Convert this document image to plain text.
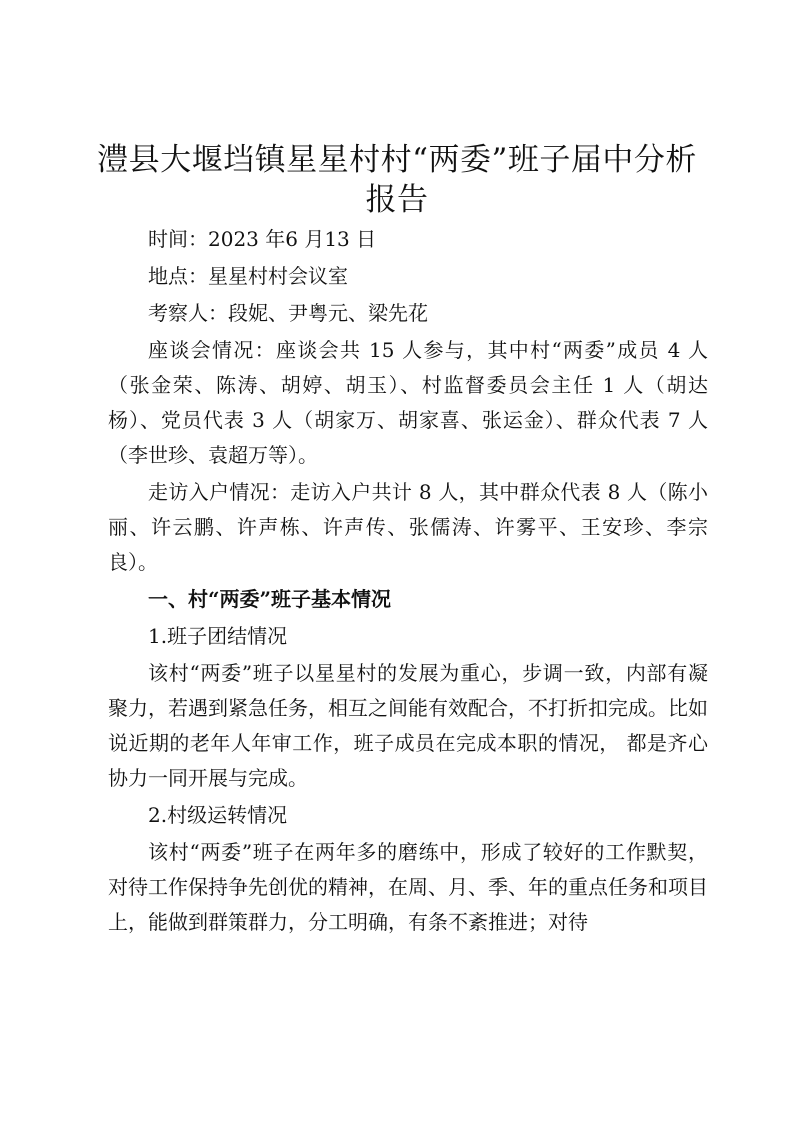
澧县大堰垱镇星星村村“两委”班子届中分析报告

时间：2023 年6 月13 日

地点：星星村村会议室

考察人：段妮、尹粤元、梁先花

座谈会情况：座谈会共 15 人参与，其中村“两委”成员 4 人（张金荣、陈涛、胡婷、胡玉）、村监督委员会主任 1 人（胡达杨）、党员代表 3 人（胡家万、胡家喜、张运金）、群众代表 7 人（李世珍、袁超万等）。

走访入户情况：走访入户共计 8 人，其中群众代表 8 人（陈小丽、许云鹏、许声栋、许声传、张儒涛、许雾平、王安珍、李宗良）。

一、村“两委”班子基本情况

1.班子团结情况

该村“两委”班子以星星村的发展为重心，步调一致，内部有凝聚力，若遇到紧急任务，相互之间能有效配合，不打折扣完成。比如说近期的老年人年审工作，班子成员在完成本职的情况， 都是齐心协力一同开展与完成。

2.村级运转情况

该村“两委”班子在两年多的磨练中，形成了较好的工作默契，对待工作保持争先创优的精神，在周、月、季、年的重点任务和项目上，能做到群策群力，分工明确，有条不紊推进；对待
